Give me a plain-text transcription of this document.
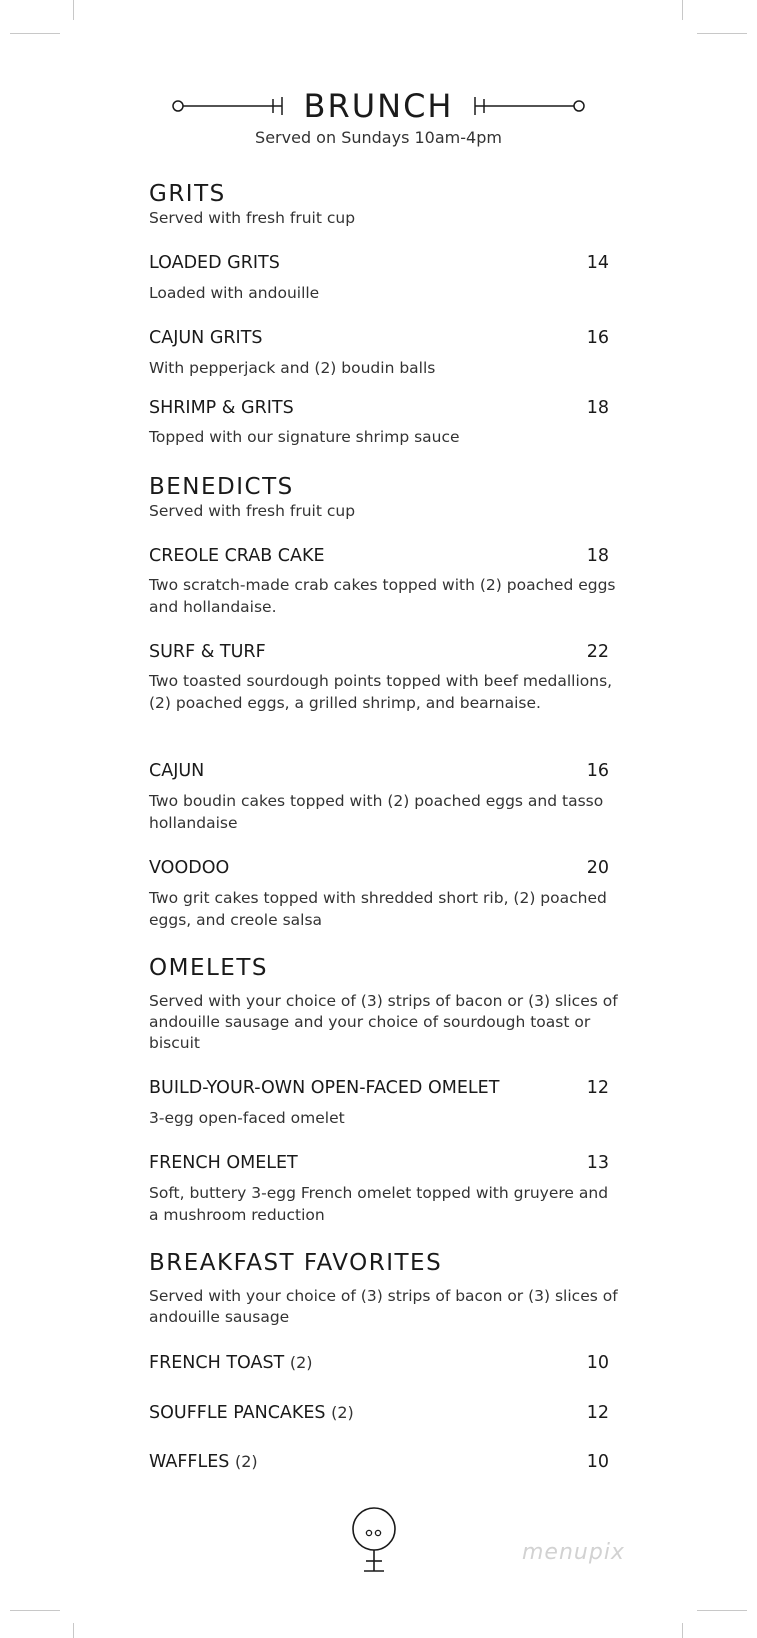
BRUNCH
Served on Sundays 10am-4pm
GRITS
Served with fresh fruit cup
LOADED GRITS	14
Loaded with andouille
CAJUN GRITS	16
With pepperjack and (2) boudin balls
SHRIMP & GRITS	18
Topped with our signature shrimp sauce
BENEDICTS
Served with fresh fruit cup
CREOLE CRAB CAKE	18
Two scratch-made crab cakes topped with (2) poached eggs and hollandaise.
SURF & TURF	22
Two toasted sourdough points topped with beef medallions, (2) poached eggs, a grilled shrimp, and bearnaise.
CAJUN	16
Two boudin cakes topped with (2) poached eggs and tasso hollandaise
VOODOO	20
Two grit cakes topped with shredded short rib, (2) poached eggs, and creole salsa
OMELETS
Served with your choice of (3) strips of bacon or (3) slices of andouille sausage and your choice of sourdough toast or biscuit
BUILD-YOUR-OWN OPEN-FACED OMELET	12
3-egg open-faced omelet
FRENCH OMELET	13
Soft, buttery 3-egg French omelet topped with gruyere and a mushroom reduction
BREAKFAST FAVORITES
Served with your choice of (3) strips of bacon or (3) slices of andouille sausage
FRENCH TOAST (2)	10
SOUFFLE PANCAKES (2)	12
WAFFLES (2)	10
menupix
